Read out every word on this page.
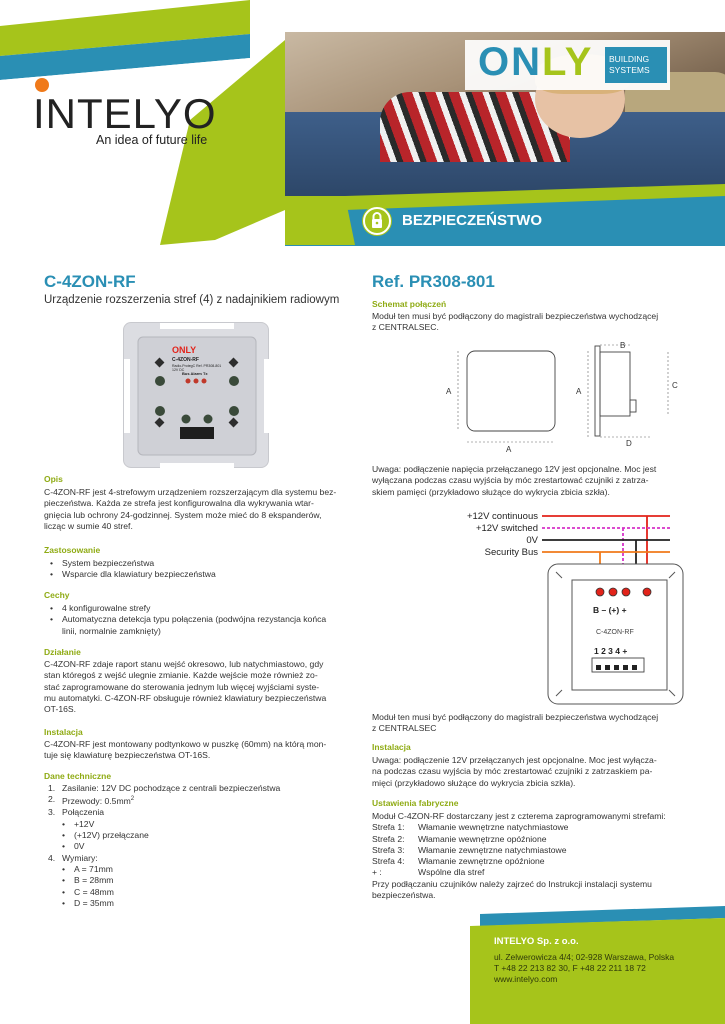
INTELYO
An idea of future life
ONLY BUILDING
SYSTEMS
BEZPIECZEŃSTWO
C-4ZON-RF
Urządzenie rozszerzenia stref (4) z nadajnikiem radiowym
ONLY
C-4ZON-RF
Radio-ProtegC Ref. PR308-801
12V DC
Bus Alarm Tx
Opis
C-4ZON-RF jest 4-strefowym urządzeniem rozszerzającym dla systemu bez-
pieczeństwa. Każda ze strefa jest konfigurowalna dla wykrywania wtar-
gnięcia lub ochrony 24-godzinnej. System może mieć do 8 ekspanderów,
licząc w sumie 40 stref.
Zastosowanie
• System bezpieczeństwa
• Wsparcie dla klawiatury bezpieczeństwa
Cechy
• 4 konfigurowalne strefy
• Automatyczna detekcja typu połączenia (podwójna rezystancja końca
linii, normalnie zamknięty)
Działanie
C-4ZON-RF zdaje raport stanu wejść okresowo, lub natychmiastowo, gdy
stan któregoś z wejść ulegnie zmianie. Każde wejście może również zo-
stać zaprogramowane do sterowania jednym lub więcej wyjściami syste-
mu automatyki. C-4ZON-RF obsługuje również klawiatury bezpieczeństwa
OT-16S.
Instalacja
C-4ZON-RF jest montowany podtynkowo w puszkę (60mm) na którą mon-
tuje się klawiaturę bezpieczeństwa OT-16S.
Dane techniczne
1. Zasilanie: 12V DC pochodzące z centrali bezpieczeństwa
2. Przewody: $0.5mm^2$
3. Połączenia
• +12V
• (+12V) przełączane
• 0V
4. Wymiary:
• A = 71mm
• B = 28mm
• C = 48mm
• D = 35mm
Ref. PR308-801
Schemat połączeń
Moduł ten musi być podłączony do magistrali bezpieczeństwa wychodzącej
z CENTRALSEC.
A
A
A
B
C
D
Uwaga: podłączenie napięcia przełączanego 12V jest opcjonalne. Moc jest
wyłączana podczas czasu wyjścia by móc zrestartować czujniki z zatrza-
skiem pamięci (przykładowo służące do wykrycia zbicia szkła).
+12V continuous
+12V switched
0V
Security Bus
B – (+) +
C-4ZON-RF
1 2 3 4 +
Moduł ten musi być podłączony do magistrali bezpieczeństwa wychodzącej
z CENTRALSEC
Instalacja
Uwaga: podłączenie 12V przełączanych jest opcjonalne. Moc jest wyłącza-
na podczas czasu wyjścia by móc zrestartować czujniki z zatrzaskiem pa-
mięci (przykładowo służące do wykrycia zbicia szkła).
Ustawienia fabryczne
Moduł C-4ZON-RF dostarczany jest z czterema zaprogramowanymi strefami:
Strefa 1:	Włamanie wewnętrzne natychmiastowe
Strefa 2:	Włamanie wewnętrzne opóźnione
Strefa 3:	Włamanie zewnętrzne natychmiastowe
Strefa 4:	Włamanie zewnętrzne opóźnione
+ :	Wspólne dla stref
Przy podłączaniu czujników należy zajrzeć do Instrukcji instalacji systemu
bezpieczeństwa.
INTELYO Sp. z o.o.
ul. Zelwerowicza 4/4; 02-928 Warszawa, Polska
T +48 22 213 82 30, F +48 22 211 18 72
www.intelyo.com
